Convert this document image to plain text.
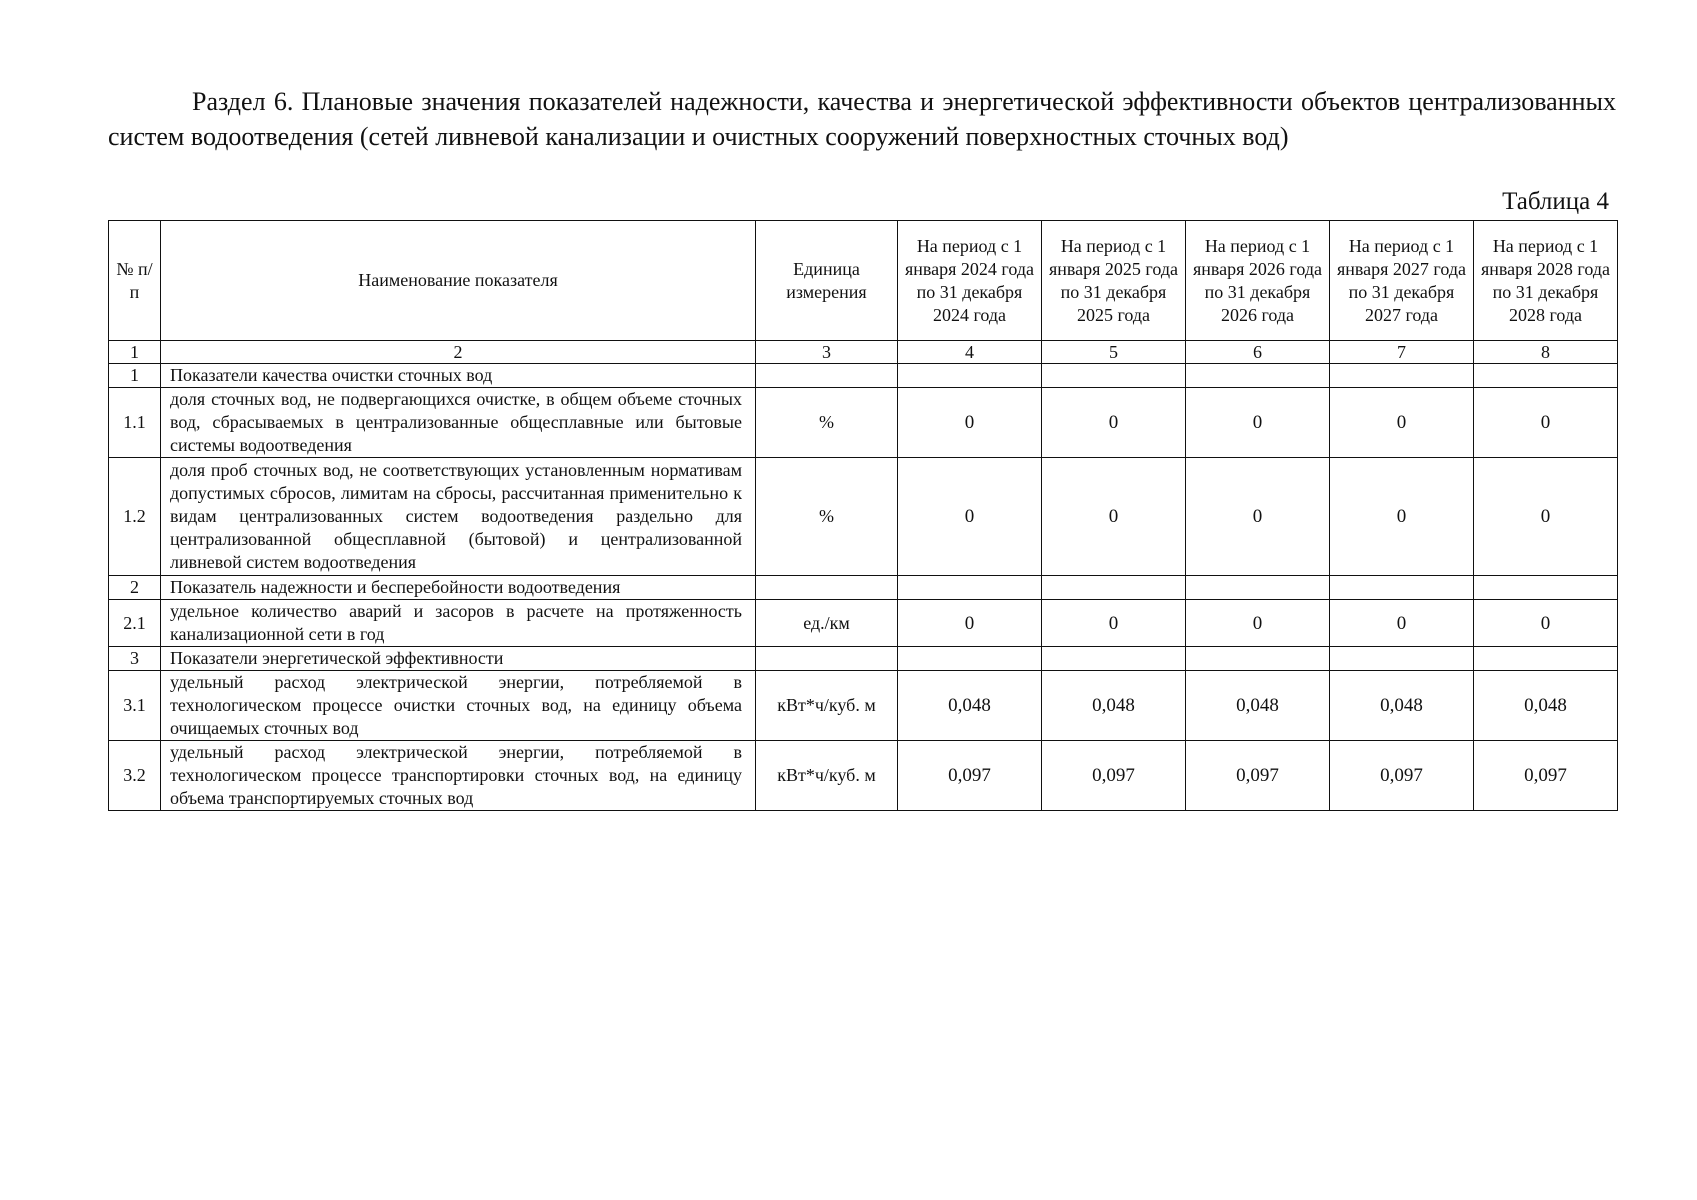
Раздел 6. Плановые значения показателей надежности, качества и энергетической эффективности объектов централизованных систем водоотведения (сетей ливневой канализации и очистных сооружений поверхностных сточных вод)

Таблица 4
№ п/п	Наименование показателя	Единица измерения	На период с 1 января 2024 года по 31 декабря 2024 года	На период с 1 января 2025 года по 31 декабря 2025 года	На период с 1 января 2026 года по 31 декабря 2026 года	На период с 1 января 2027 года по 31 декабря 2027 года	На период с 1 января 2028 года по 31 декабря 2028 года
1	2	3	4	5	6	7	8
1	Показатели качества очистки сточных вод						
1.1	доля сточных вод, не подвергающихся очистке, в общем объеме сточных вод, сбрасываемых в централизованные общесплавные или бытовые системы водоотведения	%	0	0	0	0	0
1.2	доля проб сточных вод, не соответствующих установленным нормативам допустимых сбросов, лимитам на сбросы, рассчитанная применительно к видам централизованных систем водоотведения раздельно для централизованной общесплавной (бытовой) и централизованной ливневой систем водоотведения	%	0	0	0	0	0
2	Показатель надежности и бесперебойности водоотведения						
2.1	удельное количество аварий и засоров в расчете на протяженность канализационной сети в год	ед./км	0	0	0	0	0
3	Показатели энергетической эффективности						
3.1	удельный расход электрической энергии, потребляемой в технологическом процессе очистки сточных вод, на единицу объема очищаемых сточных вод	кВт*ч/куб. м	0,048	0,048	0,048	0,048	0,048
3.2	удельный расход электрической энергии, потребляемой в технологическом процессе транспортировки сточных вод, на единицу объема транспортируемых сточных вод	кВт*ч/куб. м	0,097	0,097	0,097	0,097	0,097
